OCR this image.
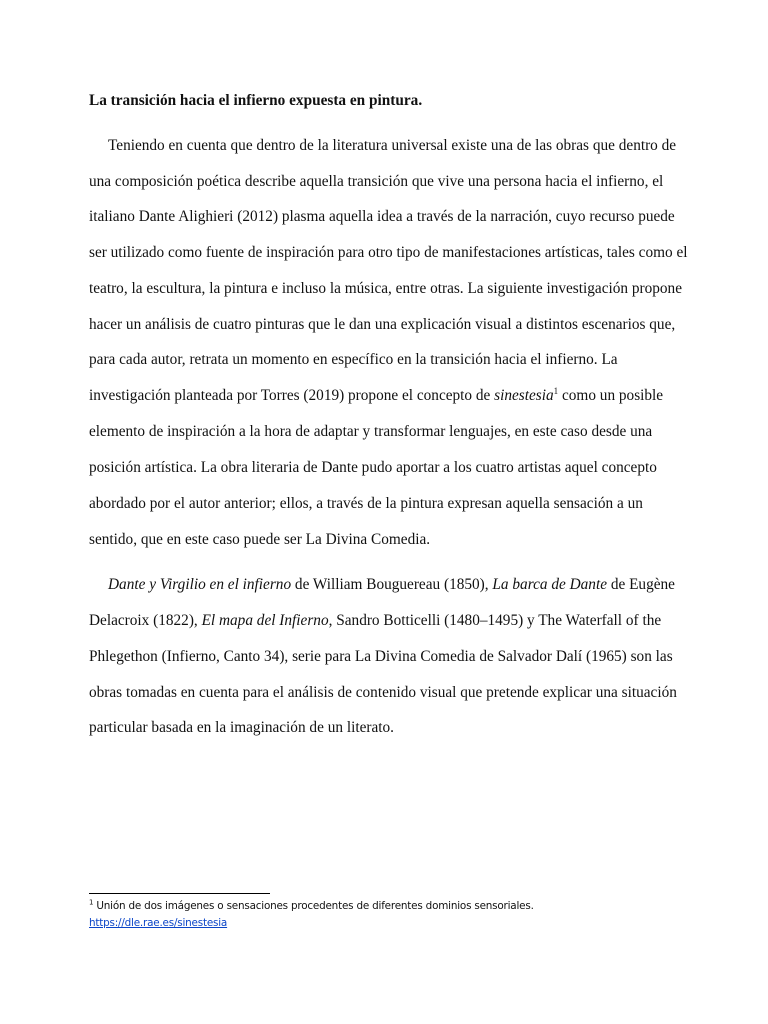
La transición hacia el infierno expuesta en pintura.
Teniendo en cuenta que dentro de la literatura universal existe una de las obras que dentro de
una composición poética describe aquella transición que vive una persona hacia el infierno, el
italiano Dante Alighieri (2012) plasma aquella idea a través de la narración, cuyo recurso puede
ser utilizado como fuente de inspiración para otro tipo de manifestaciones artísticas, tales como el
teatro, la escultura, la pintura e incluso la música, entre otras. La siguiente investigación propone
hacer un análisis de cuatro pinturas que le dan una explicación visual a distintos escenarios que,
para cada autor, retrata un momento en específico en la transición hacia el infierno. La
investigación planteada por Torres (2019) propone el concepto de sinestesia$^1$ como un posible
elemento de inspiración a la hora de adaptar y transformar lenguajes, en este caso desde una
posición artística. La obra literaria de Dante pudo aportar a los cuatro artistas aquel concepto
abordado por el autor anterior; ellos, a través de la pintura expresan aquella sensación a un
sentido, que en este caso puede ser La Divina Comedia.
Dante y Virgilio en el infierno de William Bouguereau (1850), La barca de Dante de Eugène
Delacroix (1822), El mapa del Infierno, Sandro Botticelli (1480–1495) y The Waterfall of the
Phlegethon (Infierno, Canto 34), serie para La Divina Comedia de Salvador Dalí (1965) son las
obras tomadas en cuenta para el análisis de contenido visual que pretende explicar una situación
particular basada en la imaginación de un literato.
$^1$ Unión de dos imágenes o sensaciones procedentes de diferentes dominios sensoriales.
https://dle.rae.es/sinestesia
